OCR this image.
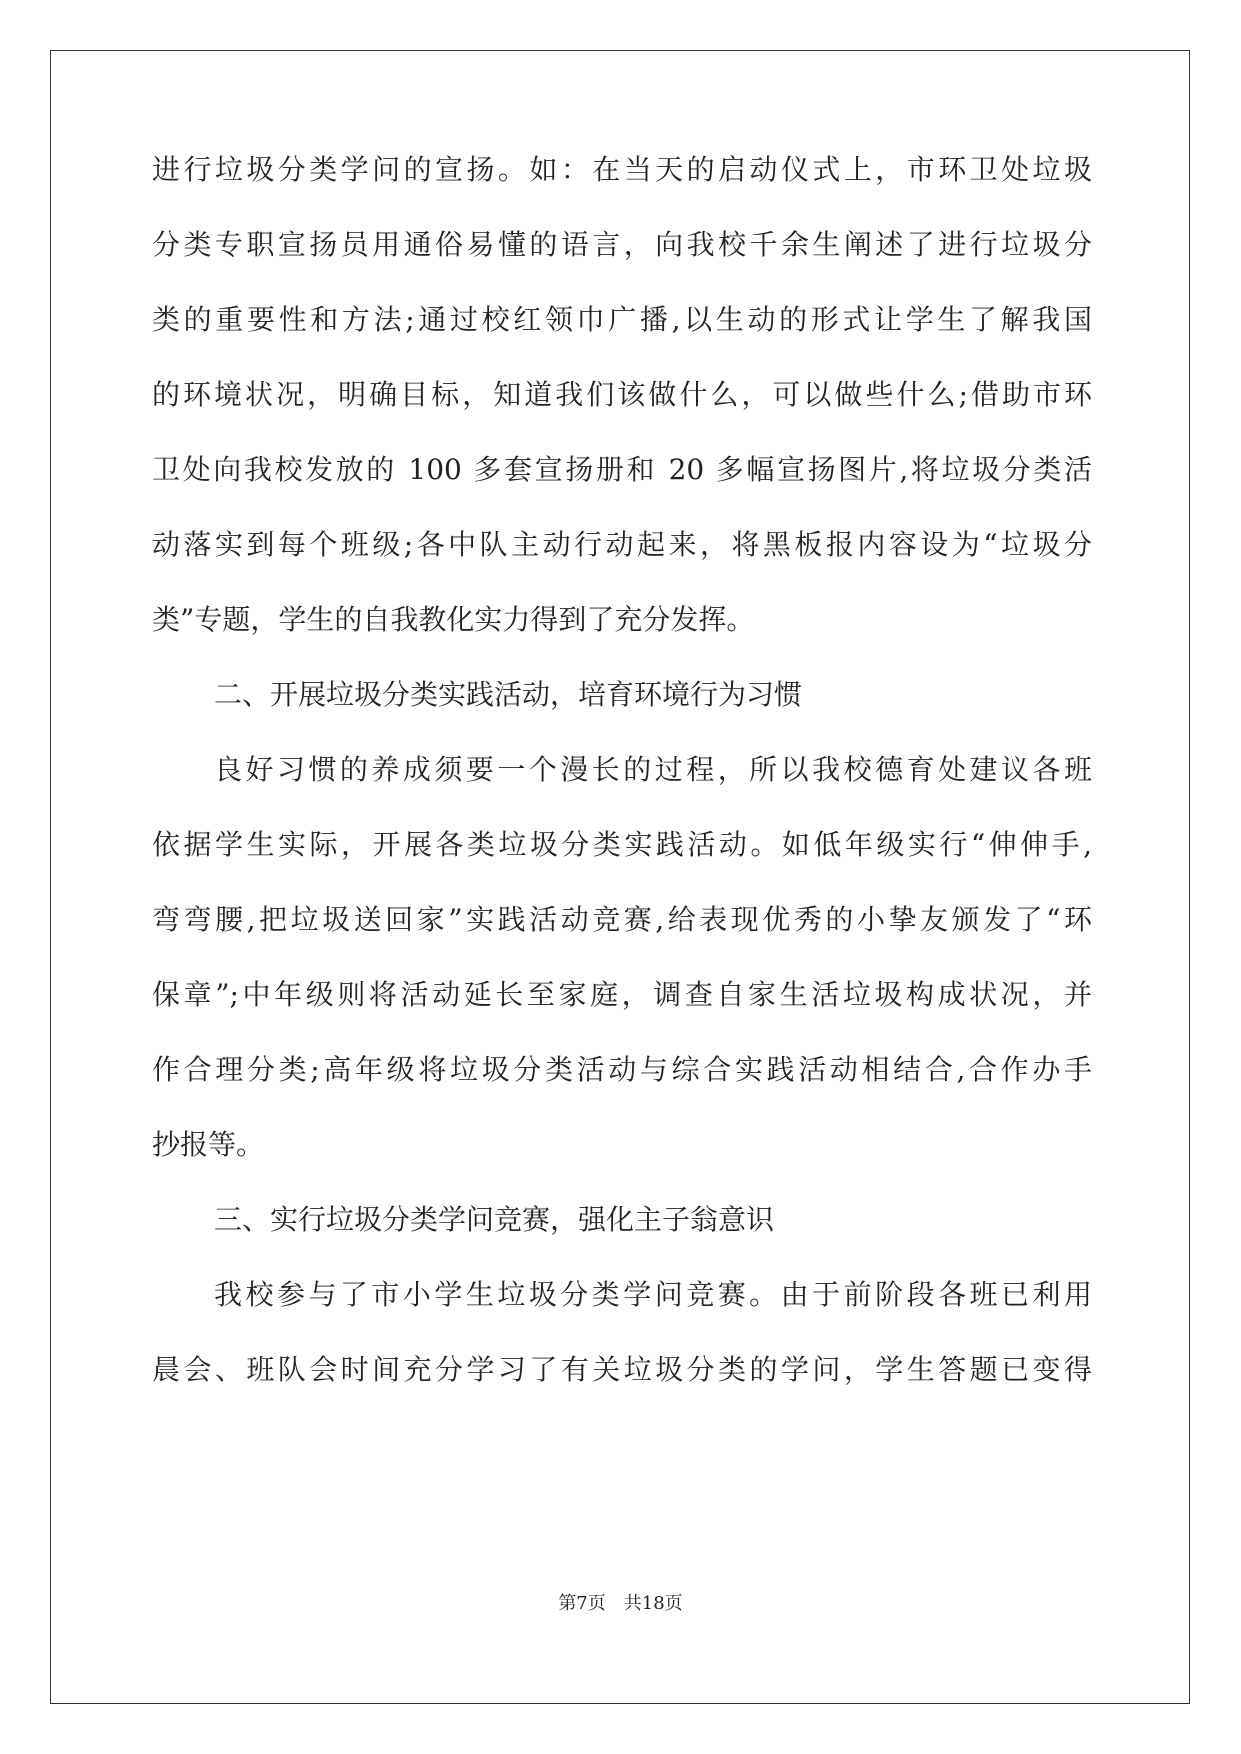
进行垃圾分类学问的宣扬。如：在当天的启动仪式上，市环卫处垃圾
分类专职宣扬员用通俗易懂的语言，向我校千余生阐述了进行垃圾分
类的重要性和方法;通过校红领巾广播,以生动的形式让学生了解我国
的环境状况，明确目标，知道我们该做什么，可以做些什么;借助市环
卫处向我校发放的 100 多套宣扬册和 20 多幅宣扬图片,将垃圾分类活
动落实到每个班级;各中队主动行动起来，将黑板报内容设为“垃圾分
类”专题，学生的自我教化实力得到了充分发挥。
二、开展垃圾分类实践活动，培育环境行为习惯
良好习惯的养成须要一个漫长的过程，所以我校德育处建议各班
依据学生实际，开展各类垃圾分类实践活动。如低年级实行“伸伸手,
弯弯腰,把垃圾送回家”实践活动竞赛,给表现优秀的小挚友颁发了“环
保章”;中年级则将活动延长至家庭，调查自家生活垃圾构成状况，并
作合理分类;高年级将垃圾分类活动与综合实践活动相结合,合作办手
抄报等。
三、实行垃圾分类学问竞赛，强化主子翁意识
我校参与了市小学生垃圾分类学问竞赛。由于前阶段各班已利用
晨会、班队会时间充分学习了有关垃圾分类的学问，学生答题已变得
第7页 共18页
